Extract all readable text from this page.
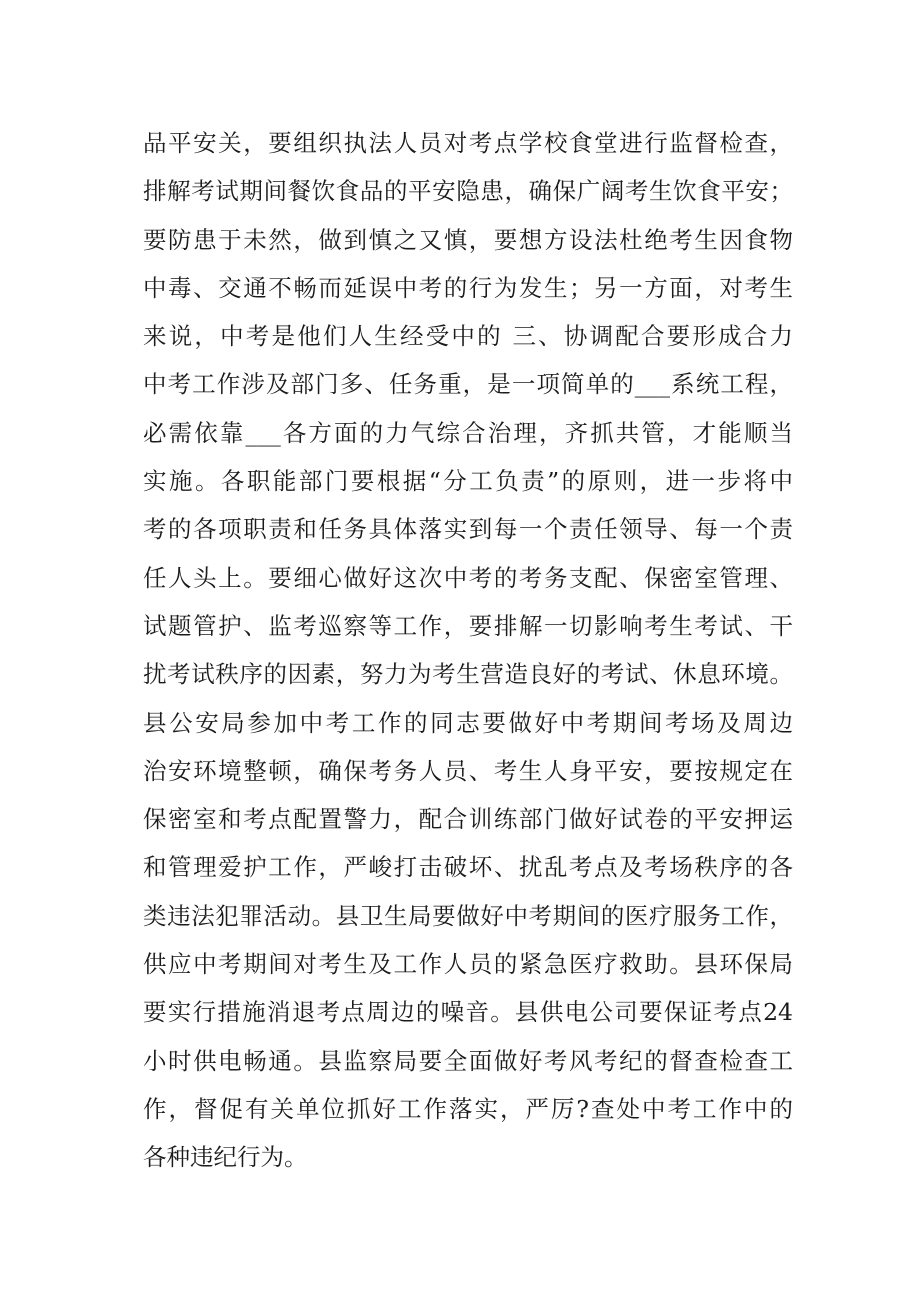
品平安关，要组织执法人员对考点学校食堂进行监督检查，
排解考试期间餐饮食品的平安隐患，确保广阔考生饮食平安；
要防患于未然，做到慎之又慎，要想方设法杜绝考生因食物
中毒、交通不畅而延误中考的行为发生；另一方面，对考生
来说，中考是他们人生经受中的 三、协调配合要形成合力
中考工作涉及部门多、任务重，是一项简单的___系统工程，
必需依靠___各方面的力气综合治理，齐抓共管，才能顺当
实施。各职能部门要根据“分工负责”的原则，进一步将中
考的各项职责和任务具体落实到每一个责任领导、每一个责
任人头上。要细心做好这次中考的考务支配、保密室管理、
试题管护、监考巡察等工作，要排解一切影响考生考试、干
扰考试秩序的因素，努力为考生营造良好的考试、休息环境。
县公安局参加中考工作的同志要做好中考期间考场及周边
治安环境整顿，确保考务人员、考生人身平安，要按规定在
保密室和考点配置警力，配合训练部门做好试卷的平安押运
和管理爱护工作，严峻打击破坏、扰乱考点及考场秩序的各
类违法犯罪活动。县卫生局要做好中考期间的医疗服务工作，
供应中考期间对考生及工作人员的紧急医疗救助。县环保局
要实行措施消退考点周边的噪音。县供电公司要保证考点24
小时供电畅通。县监察局要全面做好考风考纪的督查检查工
作，督促有关单位抓好工作落实，严厉?查处中考工作中的
各种违纪行为。
